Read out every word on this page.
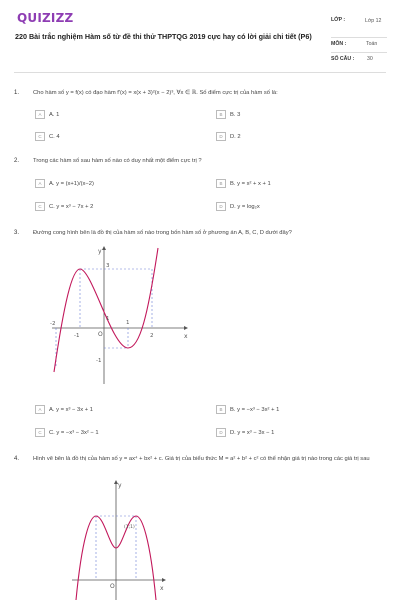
QUIZIZZ
220 Bài trắc nghiệm Hàm số từ đề thi thử THPTQG 2019 cực hay có lời giải chi tiết (P6)
LỚP :	Lớp 12
MÔN :	Toán
SỐ CÂU : 30
1. Cho hàm số y = f(x) có đạo hàm f'(x) = x(x + 3)²(x − 2)³, ∀x ∈ ℝ. Số điểm cực trị của hàm số là:
A	A. 1	B	B. 3
C	C. 4	D	D. 2
2. Trong các hàm số sau hàm số nào có duy nhất một điểm cực trị ?
A	A. y = (x+1)/(x−2)	B	B. y = x² + x + 1
C	C. y = x³ − 7x + 2	D	D. y = log₂x
3. Đường cong hình bên là đồ thị của hàm số nào trong bốn hàm số ở phương án A, B, C, D dưới đây?
y
x
O
-2
-1
1
2
1
-1
3
A	A. y = x³ − 3x + 1	B	B. y = −x³ − 3x² + 1
C	C. y = −x³ − 3x² − 1	D	D. y = x³ − 3x − 1
4. Hình vẽ bên là đồ thị của hàm số y = ax⁴ + bx² + c. Giá trị của biểu thức M = a² + b² + c² có thể nhận giá trị nào trong các giá trị sau
y
x
O
(1;1)
